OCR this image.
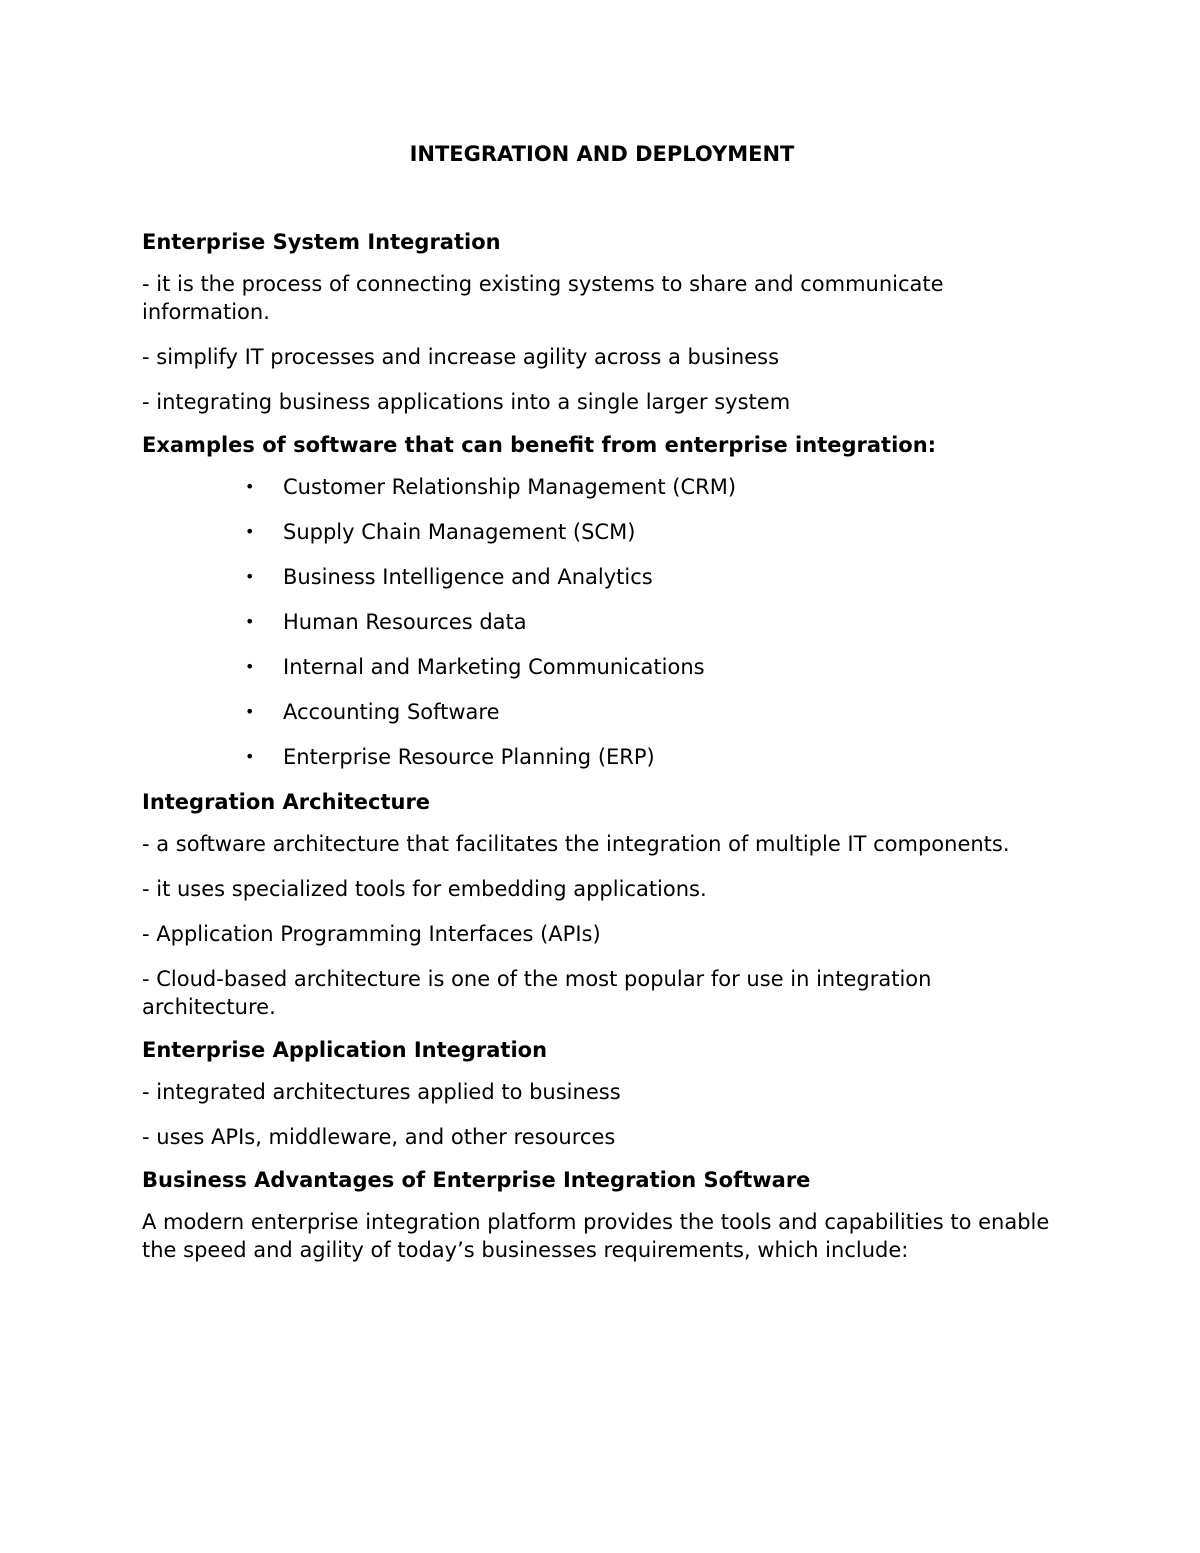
INTEGRATION AND DEPLOYMENT
Enterprise System Integration
- it is the process of connecting existing systems to share and communicate information.
- simplify IT processes and increase agility across a business
- integrating business applications into a single larger system
Examples of software that can benefit from enterprise integration:
• Customer Relationship Management (CRM)
• Supply Chain Management (SCM)
• Business Intelligence and Analytics
• Human Resources data
• Internal and Marketing Communications
• Accounting Software
• Enterprise Resource Planning (ERP)
Integration Architecture
- a software architecture that facilitates the integration of multiple IT components.
- it uses specialized tools for embedding applications.
- Application Programming Interfaces (APIs)
- Cloud-based architecture is one of the most popular for use in integration architecture.
Enterprise Application Integration
- integrated architectures applied to business
- uses APIs, middleware, and other resources
Business Advantages of Enterprise Integration Software
A modern enterprise integration platform provides the tools and capabilities to enable the speed and agility of today’s businesses requirements, which include:
